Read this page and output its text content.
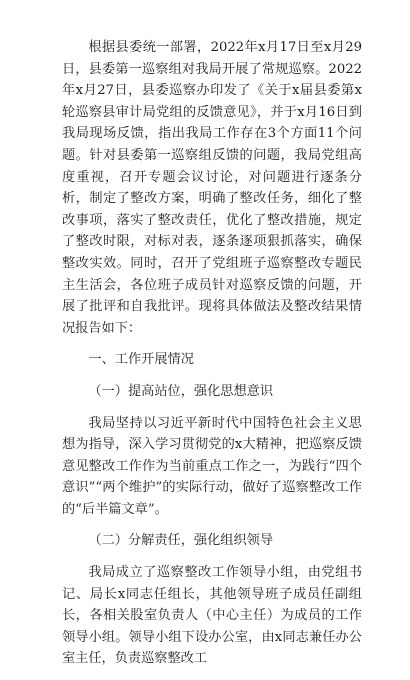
根据县委统一部署，2022年x月17日至x月29日，县委第一巡察组对我局开展了常规巡察。2022年x月27日，县委巡察办印发了《关于x届县委第x轮巡察县审计局党组的反馈意见》，并于x月16日到我局现场反馈，指出我局工作存在3个方面11个问题。针对县委第一巡察组反馈的问题，我局党组高度重视，召开专题会议讨论，对问题进行逐条分析，制定了整改方案，明确了整改任务，细化了整改事项，落实了整改责任，优化了整改措施，规定了整改时限，对标对表，逐条逐项狠抓落实，确保整改实效。同时，召开了党组班子巡察整改专题民主生活会，各位班子成员针对巡察反馈的问题，开展了批评和自我批评。现将具体做法及整改结果情况报告如下：

一、工作开展情况

（一）提高站位，强化思想意识

我局坚持以习近平新时代中国特色社会主义思想为指导，深入学习贯彻党的x大精神，把巡察反馈意见整改工作作为当前重点工作之一，为践行“四个意识”“两个维护”的实际行动，做好了巡察整改工作的“后半篇文章”。

（二）分解责任，强化组织领导

我局成立了巡察整改工作领导小组，由党组书记、局长x同志任组长，其他领导班子成员任副组长，各相关股室负责人（中心主任）为成员的工作领导小组。领导小组下设办公室，由x同志兼任办公室主任，负责巡察整改工
